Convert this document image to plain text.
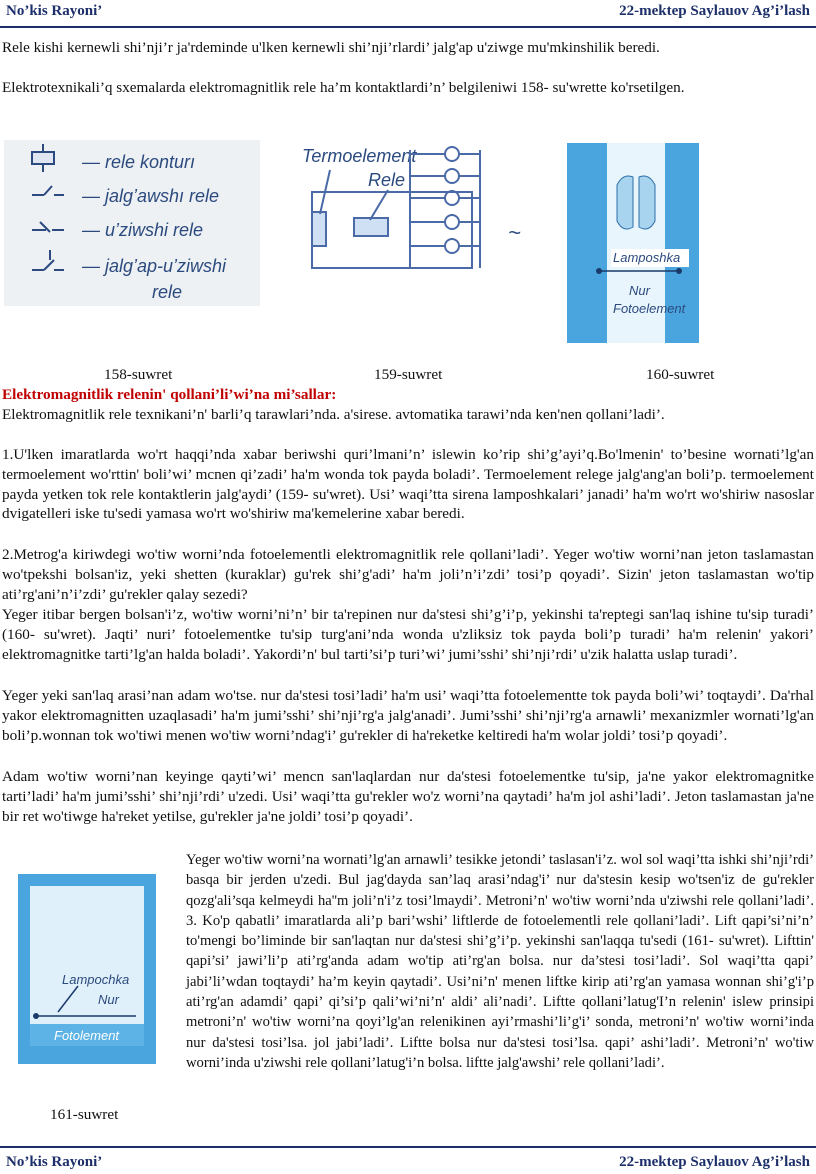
No’kis Rayoni’	22-mektep Saylauov Ag’i’lash

Rele kishi kernewli shi’nji’r ja'rdeminde u'lken kernewli shi’nji’rlardi’ jalg'ap u'ziwge mu'mkinshilik beredi.

Elektrotexnikali’q sxemalarda elektromagnitlik rele ha’m kontaktlardi’n’ belgileniwi 158- su'wrette ko'rsetilgen.

— rele konturı
— jalg’awshı rele
— u’ziwshi rele
— jalg’ap-u’ziwshi
rele
Termoelement
Rele
~
Lamposhka
Nur
Fotoelement
158-suwret	159-suwret	160-suwret

Elektromagnitlik relenin' qollani’li’wi’na mi’sallar:

Elektromagnitlik rele texnikani’n' barli’q tarawlari’nda. a'sirese. avtomatika tarawi’nda ken'nen qollani’ladi’.

1.U'lken imaratlarda wo'rt haqqi’nda xabar beriwshi quri’lmani’n’ islewin ko’rip shi’g’ayi’q.Bo'lmenin' to’besine wornati’lg'an termoelement wo'rttin' boli’wi’ mcnen qi’zadi’ ha'm wonda tok payda boladi’. Termoelement relege jalg'ang'an boli’p. termoelement payda yetken tok rele kontaktlerin jalg'aydi’ (159- su'wret). Usi’ waqi’tta sirena lamposhkalari’ janadi’ ha'm wo'rt wo'shiriw nasoslar dvigatelleri iske tu'sedi yamasa wo'rt wo'shiriw ma'kemelerine xabar beredi.

2.Metrog'a kiriwdegi wo'tiw worni’nda fotoelementli elektromagnitlik rele qollani’ladi’. Yeger wo'tiw worni’nan jeton taslamastan wo'tpekshi bolsan'iz, yeki shetten (kuraklar) gu'rek shi’g'adi’ ha'm joli’n’i’zdi’ tosi’p qoyadi’. Sizin' jeton taslamastan wo'tip ati’rg'ani’n’i’zdi’ gu'rekler qalay sezedi?

Yeger itibar bergen bolsan'i’z, wo'tiw worni’ni’n’ bir ta'repinen nur da'stesi shi’g’i’p, yekinshi ta'reptegi san'laq ishine tu'sip turadi’ (160- su'wret). Jaqti’ nuri’ fotoelementke tu'sip turg'ani’nda wonda u'zliksiz tok payda boli’p turadi’ ha'm relenin' yakori’ elektromagnitke tarti’lg'an halda boladi’. Yakordi’n' bul tarti’si’p turi’wi’ jumi’sshi’ shi’nji’rdi’ u'zik halatta uslap turadi’.

Yeger yeki san'laq arasi’nan adam wo'tse. nur da'stesi tosi’ladi’ ha'm usi’ waqi’tta fotoelementte tok payda boli’wi’ toqtaydi’. Da'rhal yakor elektromagnitten uzaqlasadi’ ha'm jumi’sshi’ shi’nji’rg'a jalg'anadi’. Jumi’sshi’ shi’nji’rg'a arnawli’ mexanizmler wornati’lg'an boli’p.wonnan tok wo'tiwi menen wo'tiw worni’ndag'i’ gu'rekler di ha'reketke keltiredi ha'm wolar joldi’ tosi’p qoyadi’.

Adam wo'tiw worni’nan keyinge qayti’wi’ mencn san'laqlardan nur da'stesi fotoelementke tu'sip, ja'ne yakor elektromagnitke tarti’ladi’ ha'm jumi’sshi’ shi’nji’rdi’ u'zedi. Usi’ waqi’tta gu'rekler wo'z worni’na qaytadi’ ha'm jol ashi’ladi’. Jeton taslamastan ja'ne bir ret wo'tiwge ha'reket yetilse, gu'rekler ja'ne joldi’ tosi’p qoyadi’.

Lampochka
Nur
Fotolement
161-suwret

Yeger wo'tiw worni’na wornati’lg'an arnawli’ tesikke jetondi’ taslasan'i’z. wol sol waqi’tta ishki shi’nji’rdi’ basqa bir jerden u'zedi. Bul jag'dayda san’laq arasi’ndag'i’ nur da'stesin kesip wo'tsen'iz de gu'rekler qozg'ali’sqa kelmeydi ha''m joli’n'i’z tosi’lmaydi’. Metroni’n' wo'tiw worni’nda u'ziwshi rele qollani’ladi’. 3. Ko'p qabatli’ imaratlarda ali’p bari’wshi’ liftlerde de fotoelementli rele qollani’ladi’. Lift qapi’si’ni’n’ to'mengi bo’liminde bir san'laqtan nur da'stesi shi’g’i’p. yekinshi san'laqqa tu'sedi (161- su'wret). Lifttin' qapi’si’ jawi’li’p ati’rg'anda adam wo'tip ati’rg'an bolsa. nur da’stesi tosi’ladi’. Sol waqi’tta qapi’ jabi’li’wdan toqtaydi’ ha’m keyin qaytadi’. Usi’ni’n' menen liftke kirip ati’rg'an yamasa wonnan shi’g'i’p ati’rg'an adamdi’ qapi’ qi’si’p qali’wi’ni’n' aldi’ ali’nadi’. Liftte qollani’latug'I’n relenin' islew prinsipi metroni’n' wo'tiw worni’na qoyi’lg'an relenikinen ayi’rmashi’li’g'i’ sonda, metroni’n' wo'tiw worni’inda nur da'stesi tosi’lsa. jol jabi’ladi’. Liftte bolsa nur da'stesi tosi’lsa. qapi’ ashi’ladi’. Metroni’n' wo'tiw worni’inda u'ziwshi rele qollani’latug'i’n bolsa. liftte jalg'awshi’ rele qollani’ladi’.

No’kis Rayoni’	22-mektep Saylauov Ag’i’lash
